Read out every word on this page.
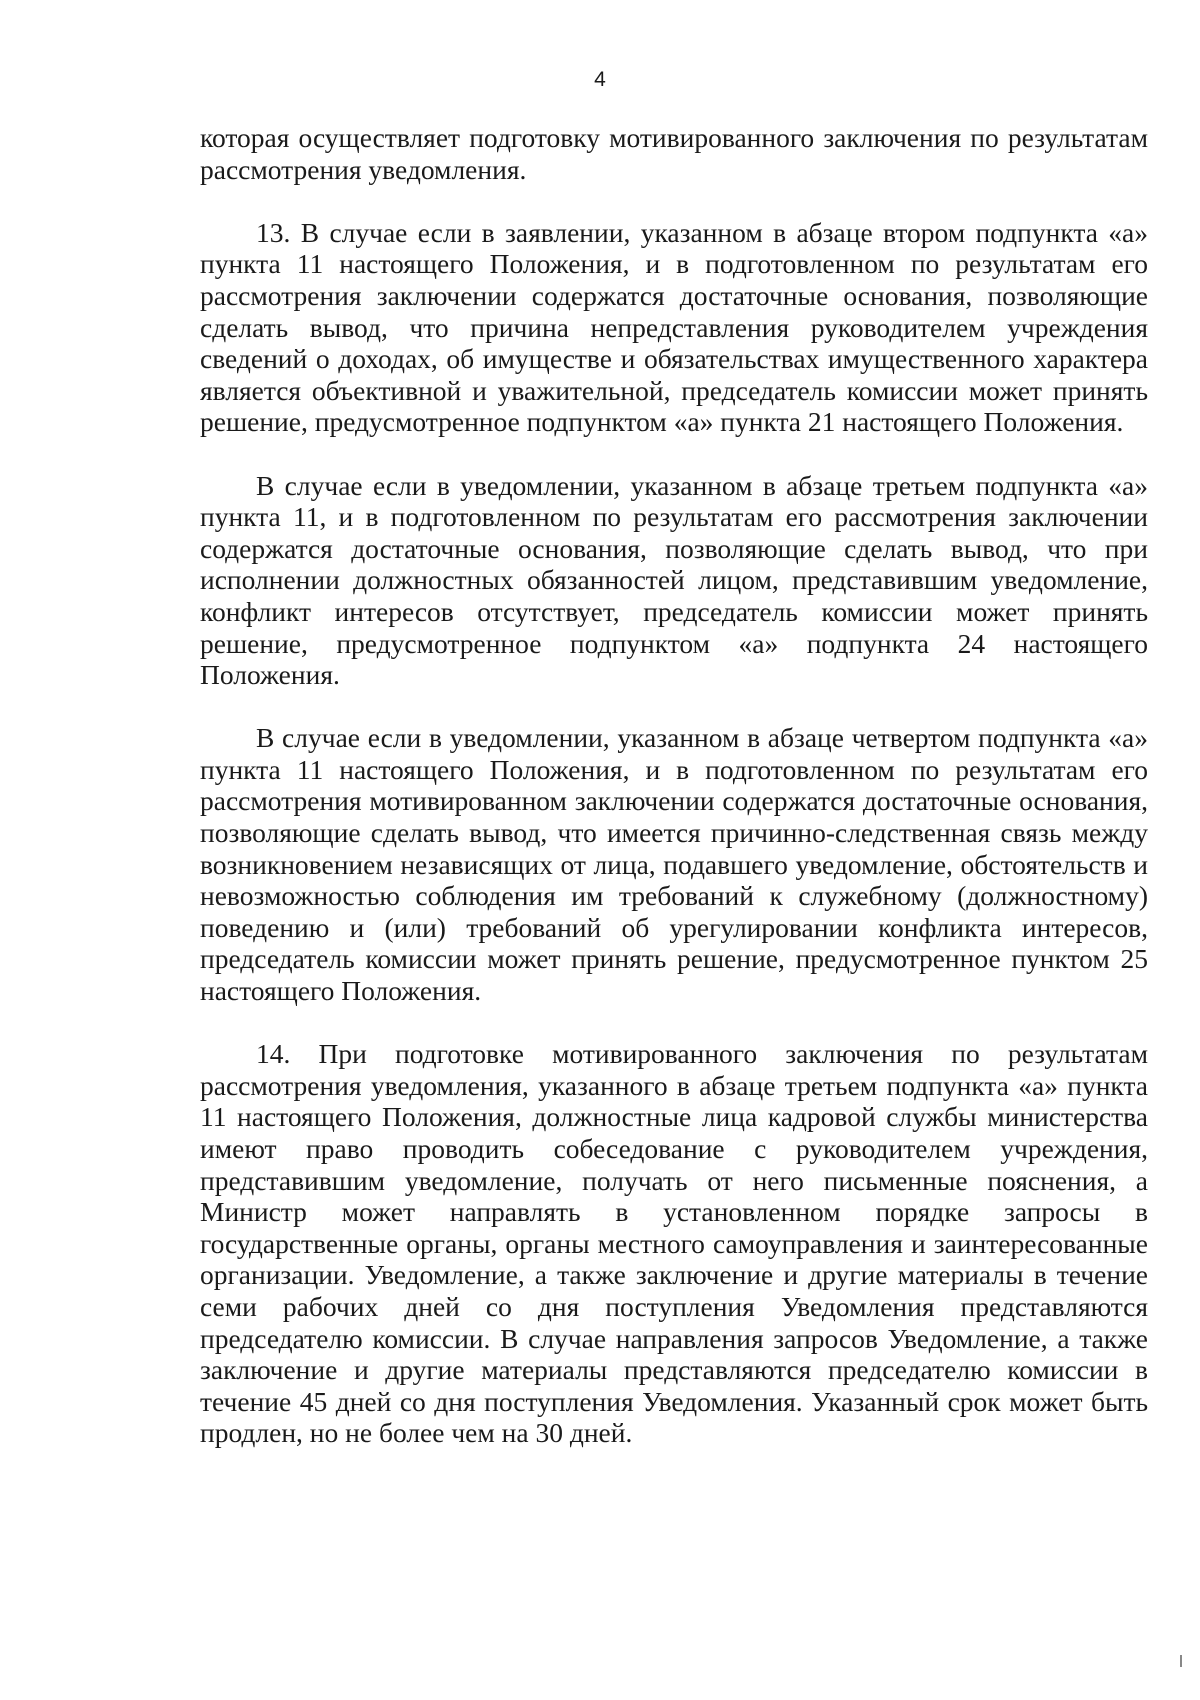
4

которая осуществляет подготовку мотивированного заключения по результатам рассмотрения уведомления.

13. В случае если в заявлении, указанном в абзаце втором подпункта «а» пункта 11 настоящего Положения, и в подготовленном по результатам его рассмотрения заключении содержатся достаточные основания, позволяющие сделать вывод, что причина непредставления руководителем учреждения сведений о доходах, об имуществе и обязательствах имущественного характера является объективной и уважительной, председатель комиссии может принять решение, предусмотренное подпунктом «а» пункта 21 настоящего Положения.

В случае если в уведомлении, указанном в абзаце третьем подпункта «а» пункта 11, и в подготовленном по результатам его рассмотрения заключении содержатся достаточные основания, позволяющие сделать вывод, что при исполнении должностных обязанностей лицом, представившим уведомление, конфликт интересов отсутствует, председатель комиссии может принять решение, предусмотренное подпунктом «а» подпункта 24 настоящего Положения.

В случае если в уведомлении, указанном в абзаце четвертом подпункта «а» пункта 11 настоящего Положения, и в подготовленном по результатам его рассмотрения мотивированном заключении содержатся достаточные основания, позволяющие сделать вывод, что имеется причинно-следственная связь между возникновением независящих от лица, подавшего уведомление, обстоятельств и невозможностью соблюдения им требований к служебному (должностному) поведению и (или) требований об урегулировании конфликта интересов, председатель комиссии может принять решение, предусмотренное пунктом 25 настоящего Положения.

14. При подготовке мотивированного заключения по результатам рассмотрения уведомления, указанного в абзаце третьем подпункта «а» пункта 11 настоящего Положения, должностные лица кадровой службы министерства имеют право проводить собеседование с руководителем учреждения, представившим уведомление, получать от него письменные пояснения, а Министр может направлять в установленном порядке запросы в государственные органы, органы местного самоуправления и заинтересованные организации. Уведомление, а также заключение и другие материалы в течение семи рабочих дней со дня поступления Уведомления представляются председателю комиссии. В случае направления запросов Уведомление, а также заключение и другие материалы представляются председателю комиссии в течение 45 дней со дня поступления Уведомления. Указанный срок может быть продлен, но не более чем на 30 дней.
